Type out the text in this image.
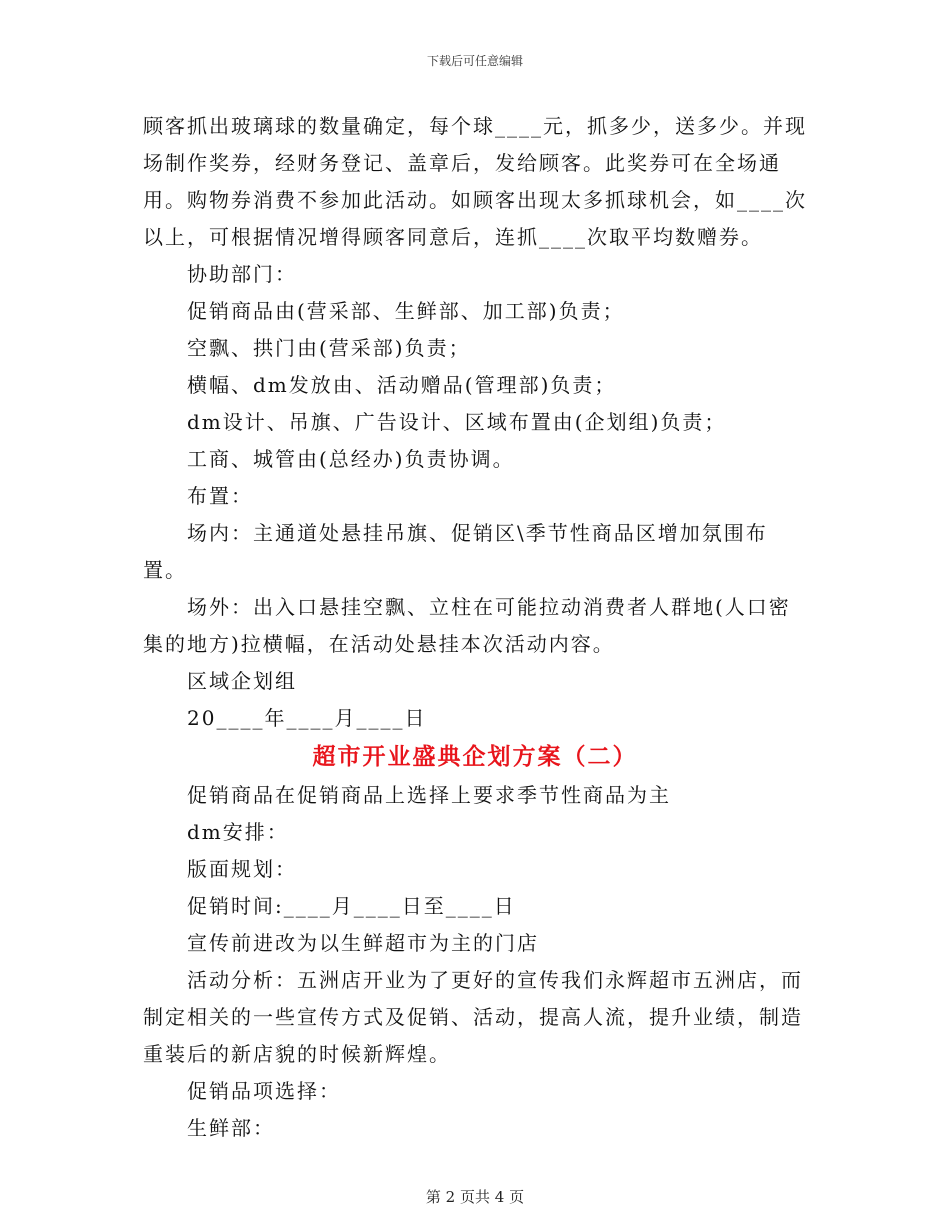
下载后可任意编辑

顾客抓出玻璃球的数量确定，每个球____元，抓多少，送多少。并现场制作奖券，经财务登记、盖章后，发给顾客。此奖券可在全场通用。购物券消费不参加此活动。如顾客出现太多抓球机会，如____次以上，可根据情况增得顾客同意后，连抓____次取平均数赠券。

协助部门：

促销商品由(营采部、生鲜部、加工部)负责；

空飘、拱门由(营采部)负责；

横幅、dm发放由、活动赠品(管理部)负责；

dm设计、吊旗、广告设计、区域布置由(企划组)负责；

工商、城管由(总经办)负责协调。

布置：

场内：主通道处悬挂吊旗、促销区\季节性商品区增加氛围布置。

场外：出入口悬挂空飘、立柱在可能拉动消费者人群地(人口密集的地方)拉横幅，在活动处悬挂本次活动内容。

区域企划组

20____年____月____日

超市开业盛典企划方案（二）

促销商品在促销商品上选择上要求季节性商品为主

dm安排：

版面规划：

促销时间:____月____日至____日

宣传前进改为以生鲜超市为主的门店

活动分析：五洲店开业为了更好的宣传我们永辉超市五洲店，而制定相关的一些宣传方式及促销、活动，提高人流，提升业绩，制造重装后的新店貌的时候新辉煌。

促销品项选择：

生鲜部：

第 2 页共 4 页
